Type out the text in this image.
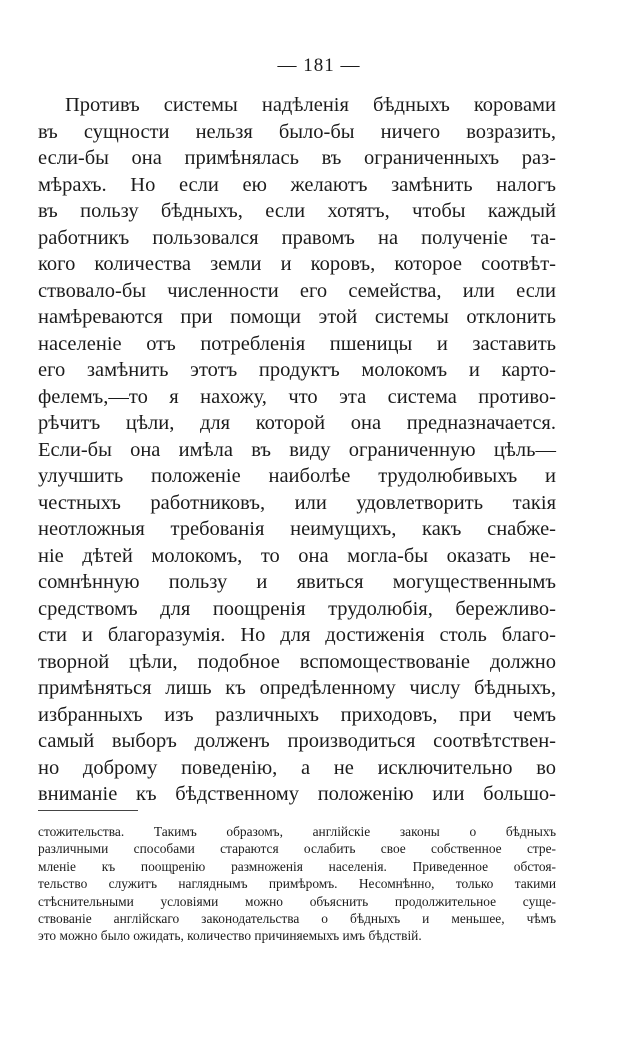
— 181 —
Противъ системы надѣленія бѣдныхъ коровами
въ сущности нельзя было-бы ничего возразить,
если-бы она примѣнялась въ ограниченныхъ раз-
мѣрахъ. Но если ею желаютъ замѣнить налогъ
въ пользу бѣдныхъ, если хотятъ, чтобы каждый
работникъ пользовался правомъ на полученіе та-
кого количества земли и коровъ, которое соотвѣт-
ствовало-бы численности его семейства, или если
намѣреваются при помощи этой системы отклонить
населеніе отъ потребленія пшеницы и заставить
его замѣнить этотъ продуктъ молокомъ и карто-
фелемъ,—то я нахожу, что эта система противо-
рѣчитъ цѣли, для которой она предназначается.
Если-бы она имѣла въ виду ограниченную цѣль—
улучшить положеніе наиболѣе трудолюбивыхъ и
честныхъ работниковъ, или удовлетворить такія
неотложныя требованія неимущихъ, какъ снабже-
ніе дѣтей молокомъ, то она могла-бы оказать не-
сомнѣнную пользу и явиться могущественнымъ
средствомъ для поощренія трудолюбія, бережливо-
сти и благоразумія. Но для достиженія столь благо-
творной цѣли, подобное вспомоществованіе должно
примѣняться лишь къ опредѣленному числу бѣдныхъ,
избранныхъ изъ различныхъ приходовъ, при чемъ
самый выборъ долженъ производиться соотвѣтствен-
но доброму поведенію, а не исключительно во
вниманіе къ бѣдственному положенію или большо-
стожительства. Такимъ образомъ, англійскіе законы о бѣдныхъ
различными способами стараются ослабить свое собственное стре-
мленіе къ поощренію размноженія населенія. Приведенное обстоя-
тельство служитъ нагляднымъ примѣромъ. Несомнѣнно, только такими
стѣснительными условіями можно объяснить продолжительное суще-
ствованіе англійскаго законодательства о бѣдныхъ и меньшее, чѣмъ
это можно было ожидать, количество причиняемыхъ имъ бѣдствій.
